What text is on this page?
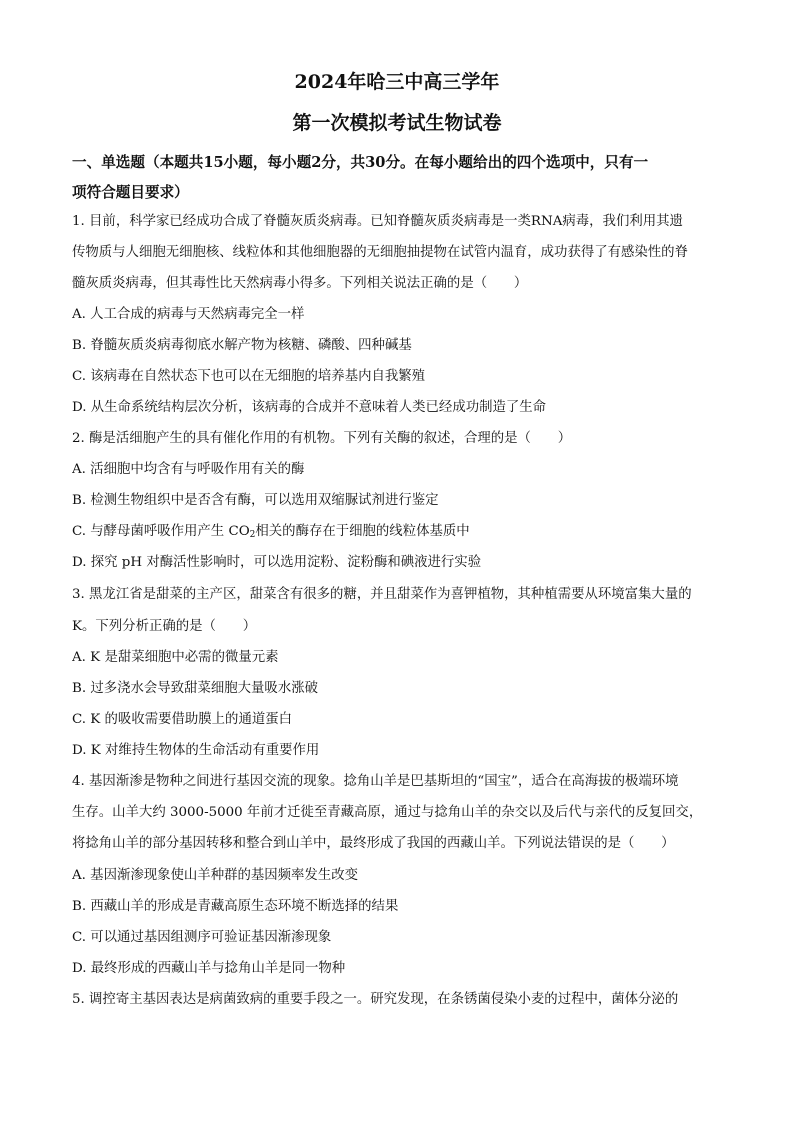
2024年哈三中高三学年
第一次模拟考试生物试卷
一、单选题（本题共15小题，每小题2分，共30分。在每小题给出的四个选项中，只有一
项符合题目要求）
1. 目前，科学家已经成功合成了脊髓灰质炎病毒。已知脊髓灰质炎病毒是一类RNA病毒，我们利用其遗
传物质与人细胞无细胞核、线粒体和其他细胞器的无细胞抽提物在试管内温育，成功获得了有感染性的脊
髓灰质炎病毒，但其毒性比天然病毒小得多。下列相关说法正确的是（　　）
A. 人工合成的病毒与天然病毒完全一样
B. 脊髓灰质炎病毒彻底水解产物为核糖、磷酸、四种碱基
C. 该病毒在自然状态下也可以在无细胞的培养基内自我繁殖
D. 从生命系统结构层次分析，该病毒的合成并不意味着人类已经成功制造了生命
2. 酶是活细胞产生的具有催化作用的有机物。下列有关酶的叙述，合理的是（　　）
A. 活细胞中均含有与呼吸作用有关的酶
B. 检测生物组织中是否含有酶，可以选用双缩脲试剂进行鉴定
C. 与酵母菌呼吸作用产生 $CO_2$相关的酶存在于细胞的线粒体基质中
D. 探究 pH 对酶活性影响时，可以选用淀粉、淀粉酶和碘液进行实验
3. 黑龙江省是甜菜的主产区，甜菜含有很多的糖，并且甜菜作为喜钾植物，其种植需要从环境富集大量的
K。下列分析正确的是（　　）
A. K 是甜菜细胞中必需的微量元素
B. 过多浇水会导致甜菜细胞大量吸水涨破
C. K 的吸收需要借助膜上的通道蛋白
D. K 对维持生物体的生命活动有重要作用
4. 基因渐渗是物种之间进行基因交流的现象。捻角山羊是巴基斯坦的“国宝”，适合在高海拔的极端环境
生存。山羊大约 3000-5000 年前才迁徙至青藏高原，通过与捻角山羊的杂交以及后代与亲代的反复回交，
将捻角山羊的部分基因转移和整合到山羊中，最终形成了我国的西藏山羊。下列说法错误的是（　　）
A. 基因渐渗现象使山羊种群的基因频率发生改变
B. 西藏山羊的形成是青藏高原生态环境不断选择的结果
C. 可以通过基因组测序可验证基因渐渗现象
D. 最终形成的西藏山羊与捻角山羊是同一物种
5. 调控寄主基因表达是病菌致病的重要手段之一。研究发现，在条锈菌侵染小麦的过程中，菌体分泌的
